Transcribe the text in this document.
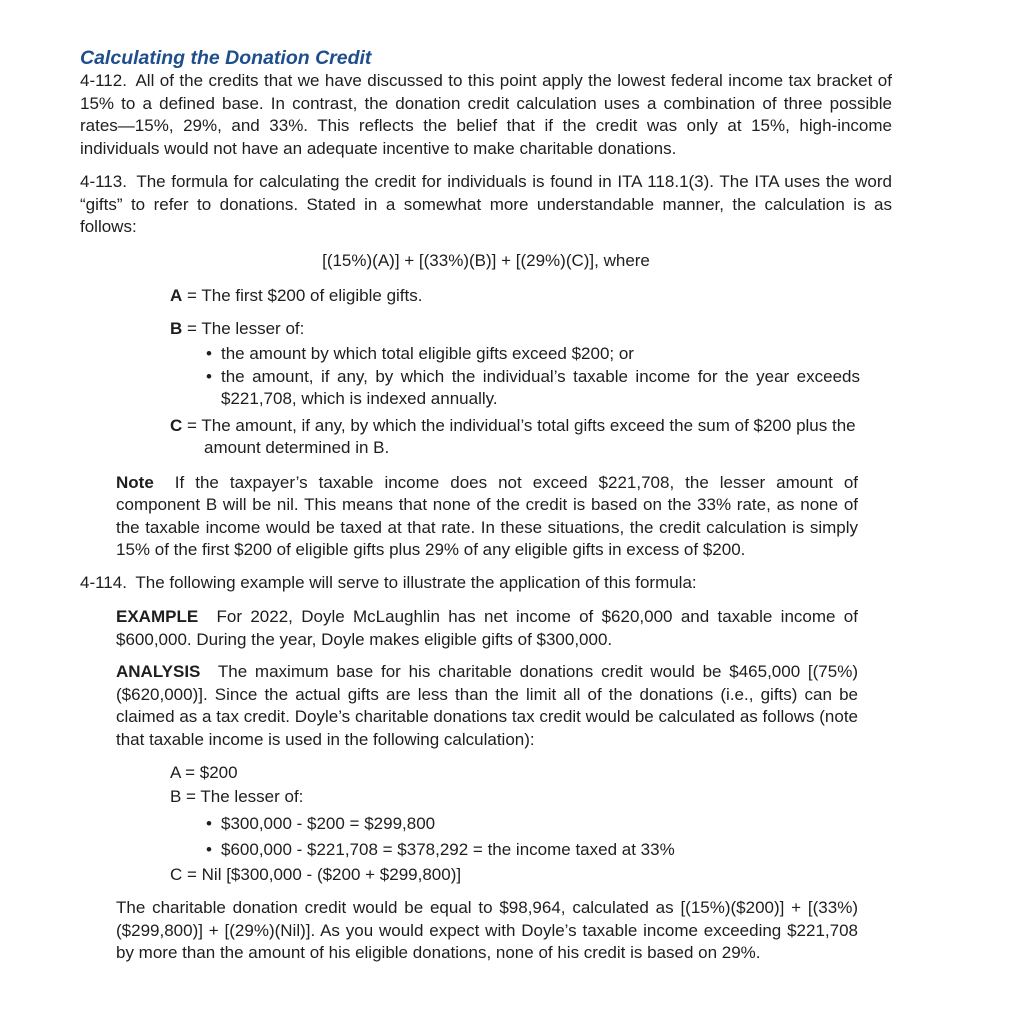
Calculating the Donation Credit

4-112. All of the credits that we have discussed to this point apply the lowest federal income tax bracket of 15% to a defined base. In contrast, the donation credit calculation uses a combination of three possible rates—15%, 29%, and 33%. This reflects the belief that if the credit was only at 15%, high-income individuals would not have an adequate incentive to make charitable donations.

4-113. The formula for calculating the credit for individuals is found in ITA 118.1(3). The ITA uses the word “gifts” to refer to donations. Stated in a somewhat more understandable manner, the calculation is as follows:

[(15%)(A)] + [(33%)(B)] + [(29%)(C)], where
A = The first $200 of eligible gifts.
B = The lesser of:
• the amount by which total eligible gifts exceed $200; or
• the amount, if any, by which the individual’s taxable income for the year exceeds $221,708, which is indexed annually.
C = The amount, if any, by which the individual’s total gifts exceed the sum of $200 plus the amount determined in B.

Note If the taxpayer’s taxable income does not exceed $221,708, the lesser amount of component B will be nil. This means that none of the credit is based on the 33% rate, as none of the taxable income would be taxed at that rate. In these situations, the credit calculation is simply 15% of the first $200 of eligible gifts plus 29% of any eligible gifts in excess of $200.

4-114. The following example will serve to illustrate the application of this formula:

EXAMPLE For 2022, Doyle McLaughlin has net income of $620,000 and taxable income of $600,000. During the year, Doyle makes eligible gifts of $300,000.

ANALYSIS The maximum base for his charitable donations credit would be $465,000 [(75%)($620,000)]. Since the actual gifts are less than the limit all of the donations (i.e., gifts) can be claimed as a tax credit. Doyle’s charitable donations tax credit would be calculated as follows (note that taxable income is used in the following calculation):

A = $200
B = The lesser of:
• $300,000 - $200 = $299,800
• $600,000 - $221,708 = $378,292 = the income taxed at 33%
C = Nil [$300,000 - ($200 + $299,800)]

The charitable donation credit would be equal to $98,964, calculated as [(15%)($200)] + [(33%)($299,800)] + [(29%)(Nil)]. As you would expect with Doyle’s taxable income exceeding $221,708 by more than the amount of his eligible donations, none of his credit is based on 29%.
